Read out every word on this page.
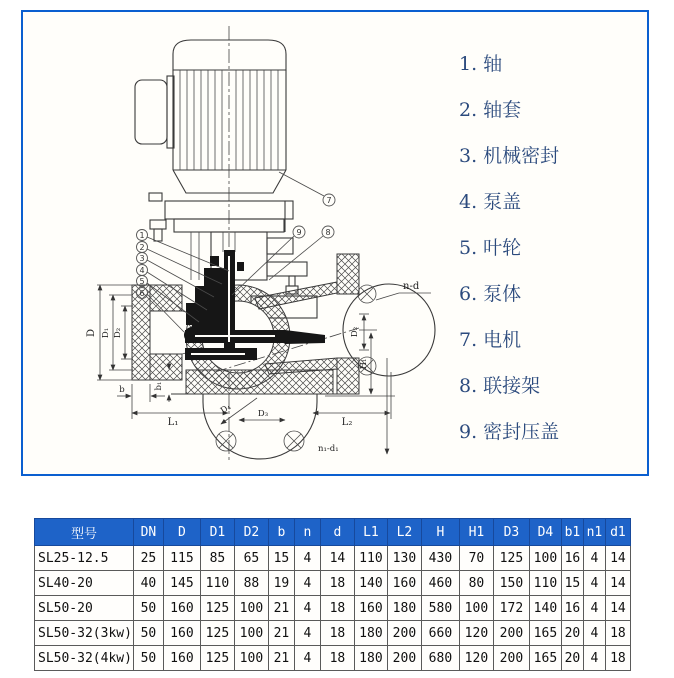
n-d
n₁-d₁
D D₁ D₂
b	b₁
L₁	L₂
D₃
D₄
D₂
H₁
1
2
3
4
5
6
7
8
9
1. 轴
2. 轴套
3. 机械密封
4. 泵盖
5. 叶轮
6. 泵体
7. 电机
8. 联接架
9. 密封压盖
型号	DN	D	D1	D2	b	n	d	L1	L2	H	H1	D3	D4	b1	n1	d1
SL25-12.5	25	115	85	65	15	4	14	110	130	430	70	125	100	16	4	14
SL40-20	40	145	110	88	19	4	18	140	160	460	80	150	110	15	4	14
SL50-20	50	160	125	100	21	4	18	160	180	580	100	172	140	16	4	14
SL50-32(3kw)	50	160	125	100	21	4	18	180	200	660	120	200	165	20	4	18
SL50-32(4kw)	50	160	125	100	21	4	18	180	200	680	120	200	165	20	4	18
